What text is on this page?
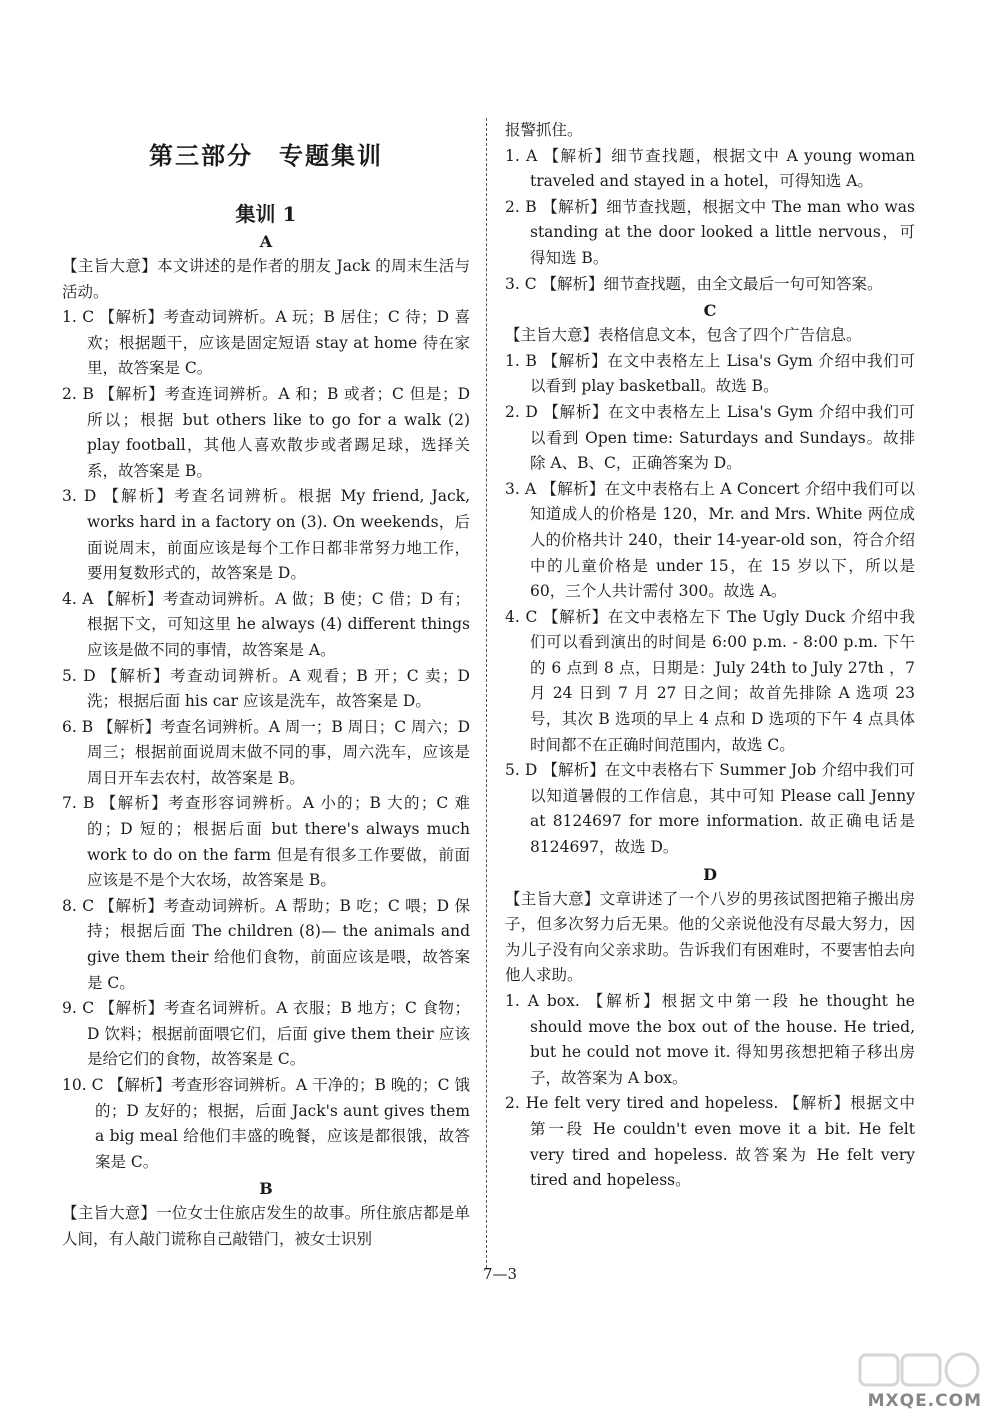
第三部分　专题集训
集训 1

A

【主旨大意】本文讲述的是作者的朋友 Jack 的周末生活与活动。

1. C 【解析】考查动词辨析。A 玩；B 居住；C 待；D 喜欢；根据题干，应该是固定短语 stay at home 待在家里，故答案是 C。

2. B 【解析】考查连词辨析。A 和；B 或者；C 但是；D 所以；根据 but others like to go for a walk (2) play football，其他人喜欢散步或者踢足球，选择关系，故答案是 B。

3. D 【解析】考查名词辨析。根据 My friend, Jack, works hard in a factory on (3). On weekends，后面说周末，前面应该是每个工作日都非常努力地工作，要用复数形式的，故答案是 D。

4. A 【解析】考查动词辨析。A 做；B 使；C 借；D 有；根据下文，可知这里 he always (4) different things 应该是做不同的事情，故答案是 A。

5. D 【解析】考查动词辨析。A 观看；B 开；C 卖；D 洗；根据后面 his car 应该是洗车，故答案是 D。

6. B 【解析】考查名词辨析。A 周一；B 周日；C 周六；D 周三；根据前面说周末做不同的事，周六洗车，应该是周日开车去农村，故答案是 B。

7. B 【解析】考查形容词辨析。A 小的；B 大的；C 难的；D 短的；根据后面 but there's always much work to do on the farm 但是有很多工作要做，前面应该是不是个大农场，故答案是 B。

8. C 【解析】考查动词辨析。A 帮助；B 吃；C 喂；D 保持；根据后面 The children (8)— the animals and give them their 给他们食物，前面应该是喂，故答案是 C。

9. C 【解析】考查名词辨析。A 衣服；B 地方；C 食物；D 饮料；根据前面喂它们，后面 give them their 应该是给它们的食物，故答案是 C。

10. C 【解析】考查形容词辨析。A 干净的；B 晚的；C 饿的；D 友好的；根据，后面 Jack's aunt gives them a big meal 给他们丰盛的晚餐，应该是都很饿，故答案是 C。

B

【主旨大意】一位女士住旅店发生的故事。所住旅店都是单人间，有人敲门谎称自己敲错门，被女士识别

报警抓住。

1. A 【解析】细节查找题，根据文中 A young woman traveled and stayed in a hotel，可得知选 A。

2. B 【解析】细节查找题，根据文中 The man who was standing at the door looked a little nervous，可得知选 B。

3. C 【解析】细节查找题，由全文最后一句可知答案。

C

【主旨大意】表格信息文本，包含了四个广告信息。

1. B 【解析】在文中表格左上 Lisa's Gym 介绍中我们可以看到 play basketball。故选 B。

2. D 【解析】在文中表格左上 Lisa's Gym 介绍中我们可以看到 Open time: Saturdays and Sundays。故排除 A、B、C，正确答案为 D。

3. A 【解析】在文中表格右上 A Concert 介绍中我们可以知道成人的价格是 120，Mr. and Mrs. White 两位成人的价格共计 240，their 14-year-old son，符合介绍中的儿童价格是 under 15，在 15 岁以下，所以是 60，三个人共计需付 300。故选 A。

4. C 【解析】在文中表格左下 The Ugly Duck 介绍中我们可以看到演出的时间是 6:00 p.m. - 8:00 p.m. 下午的 6 点到 8 点，日期是：July 24th to July 27th ，7 月 24 日到 7 月 27 日之间；故首先排除 A 选项 23 号，其次 B 选项的早上 4 点和 D 选项的下午 4 点具体时间都不在正确时间范围内，故选 C。

5. D 【解析】在文中表格右下 Summer Job 介绍中我们可以知道暑假的工作信息，其中可知 Please call Jenny at 8124697 for more information. 故正确电话是 8124697，故选 D。

D

【主旨大意】文章讲述了一个八岁的男孩试图把箱子搬出房子，但多次努力后无果。他的父亲说他没有尽最大努力，因为儿子没有向父亲求助。告诉我们有困难时，不要害怕去向他人求助。

1. A box. 【解析】根据文中第一段 he thought he should move the box out of the house. He tried, but he could not move it. 得知男孩想把箱子移出房子，故答案为 A box。

2. He felt very tired and hopeless. 【解析】根据文中第一段 He couldn't even move it a bit. He felt very tired and hopeless. 故答案为 He felt very tired and hopeless。

7—3
MXQE.COM
